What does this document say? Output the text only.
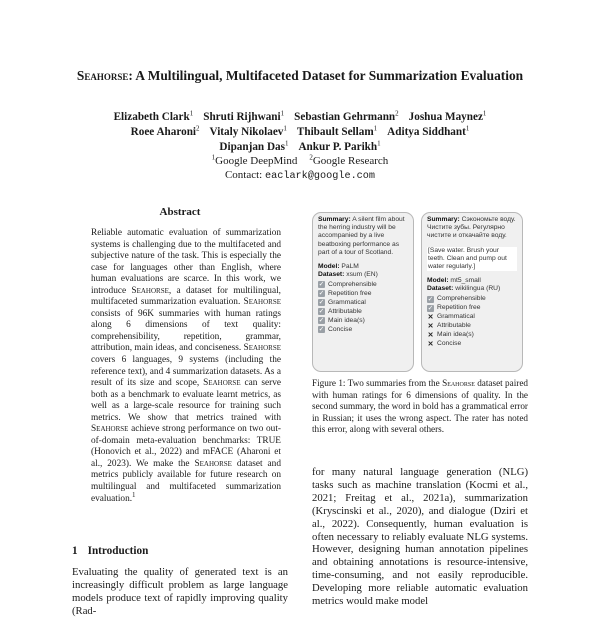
Seahorse: A Multilingual, Multifaceted Dataset for Summarization Evaluation
Elizabeth Clark$^1$ Shruti Rijhwani$^1$ Sebastian Gehrmann$^2$ Joshua Maynez$^1$
Roee Aharoni$^2$ Vitaly Nikolaev$^1$ Thibault Sellam$^1$ Aditya Siddhant$^1$
Dipanjan Das$^1$ Ankur P. Parikh$^1$
$^1$Google DeepMind $^2$Google Research
Contact: eaclark@google.com
Abstract

Reliable automatic evaluation of summarization systems is challenging due to the multifaceted and subjective nature of the task. This is especially the case for languages other than English, where human evaluations are scarce. In this work, we introduce Seahorse, a dataset for multilingual, multifaceted summarization evaluation. Seahorse consists of 96K summaries with human ratings along 6 dimensions of text quality: comprehensibility, repetition, grammar, attribution, main ideas, and conciseness. Seahorse covers 6 languages, 9 systems (including the reference text), and 4 summarization datasets. As a result of its size and scope, Seahorse can serve both as a benchmark to evaluate learnt metrics, as well as a large-scale resource for training such metrics. We show that metrics trained with Seahorse achieve strong performance on two out-of-domain meta-evaluation benchmarks: TRUE (Honovich et al., 2022) and mFACE (Aharoni et al., 2023). We make the Seahorse dataset and metrics publicly available for future research on multilingual and multifaceted summarization evaluation.$^1$

1 Introduction
Evaluating the quality of generated text is an increasingly difficult problem as large language models produce text of rapidly improving quality (Rad-
Summary: A silent film about the herring industry will be accompanied by a live beatboxing performance as part of a tour of Scotland.
Model: PaLM
Dataset: xsum (EN)
✓ Comprehensible
✓ Repetition free
✓ Grammatical
✓ Attributable
✓ Main idea(s)
✓ Concise
Summary: Сэкономьте воду. Чистите зубы. Регулярно чистите и откачайте воду.
[Save water. Brush your teeth. Clean and pump out water regularly.]
Model: mt5_small
Dataset: wikilingua (RU)
✓ Comprehensible
✓ Repetition free
✕ Grammatical
✕ Attributable
✕ Main idea(s)
✕ Concise
Figure 1: Two summaries from the Seahorse dataset paired with human ratings for 6 dimensions of quality. In the second summary, the word in bold has a grammatical error in Russian; it uses the wrong aspect. The rater has noted this error, along with several others.
for many natural language generation (NLG) tasks such as machine translation (Kocmi et al., 2021; Freitag et al., 2021a), summarization (Kryscinski et al., 2020), and dialogue (Dziri et al., 2022). Consequently, human evaluation is often necessary to reliably evaluate NLG systems. However, designing human annotation pipelines and obtaining annotations is resource-intensive, time-consuming, and not easily reproducible. Developing more reliable automatic evaluation metrics would make model
